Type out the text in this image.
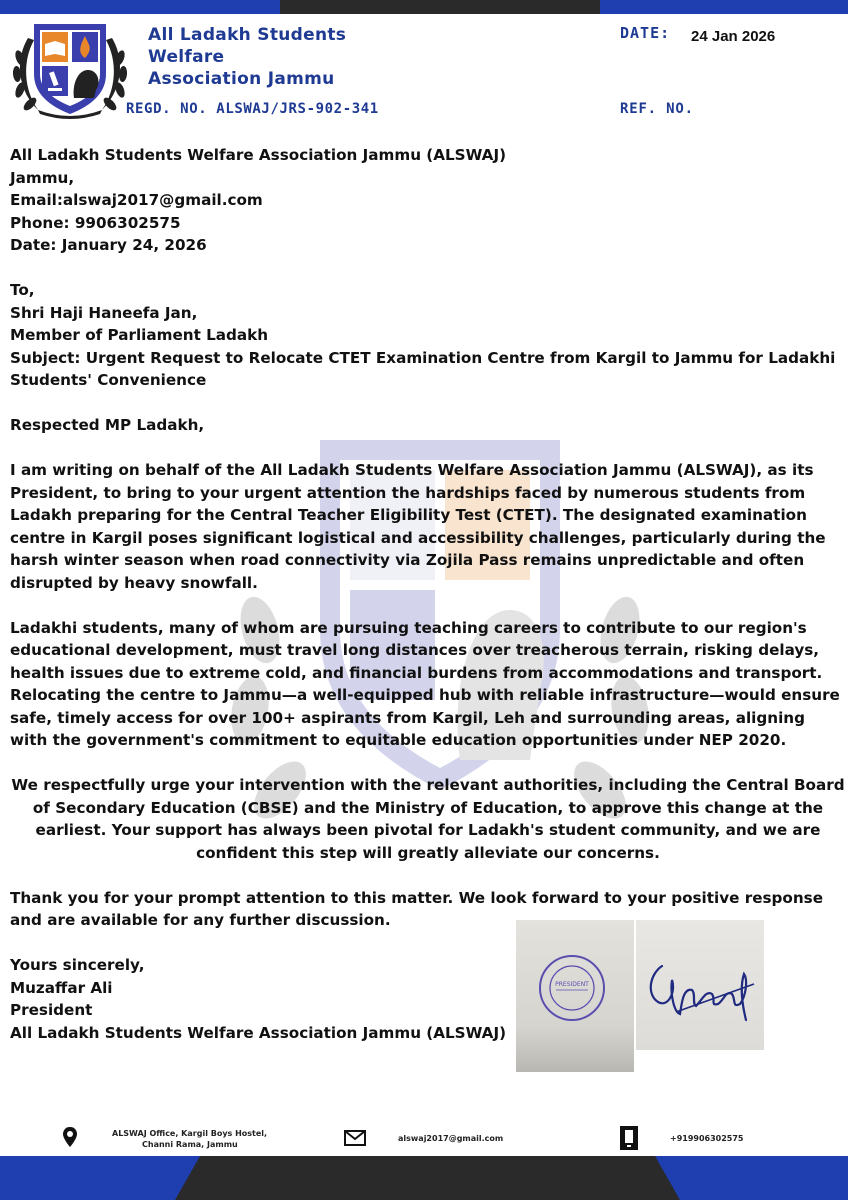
All Ladakh Students
Welfare
Association Jammu
REGD. NO. ALSWAJ/JRS-902-341
DATE: 24 Jan 2026
REF. NO.

All Ladakh Students Welfare Association Jammu (ALSWAJ)

Jammu,

Email:alswaj2017@gmail.com

Phone: 9906302575

Date: January 24, 2026

To,

Shri Haji Haneefa Jan,

Member of Parliament Ladakh

Subject: Urgent Request to Relocate CTET Examination Centre from Kargil to Jammu for Ladakhi Students' Convenience

Respected MP Ladakh,

I am writing on behalf of the All Ladakh Students Welfare Association Jammu (ALSWAJ), as its President, to bring to your urgent attention the hardships faced by numerous students from Ladakh preparing for the Central Teacher Eligibility Test (CTET). The designated examination centre in Kargil poses significant logistical and accessibility challenges, particularly during the harsh winter season when road connectivity via Zojila Pass remains unpredictable and often disrupted by heavy snowfall.

Ladakhi students, many of whom are pursuing teaching careers to contribute to our region's educational development, must travel long distances over treacherous terrain, risking delays, health issues due to extreme cold, and financial burdens from accommodations and transport. Relocating the centre to Jammu—a well-equipped hub with reliable infrastructure—would ensure safe, timely access for over 100+ aspirants from Kargil, Leh and surrounding areas, aligning with the government's commitment to equitable education opportunities under NEP 2020.

We respectfully urge your intervention with the relevant authorities, including the Central Board of Secondary Education (CBSE) and the Ministry of Education, to approve this change at the earliest. Your support has always been pivotal for Ladakh's student community, and we are confident this step will greatly alleviate our concerns.

Thank you for your prompt attention to this matter. We look forward to your positive response and are available for any further discussion.

Yours sincerely,

Muzaffar Ali

President

All Ladakh Students Welfare Association Jammu (ALSWAJ)

PRESIDENT
ALSWAJ Office, Kargil Boys Hostel,
Channi Rama, Jammu
alswaj2017@gmail.com	+919906302575
